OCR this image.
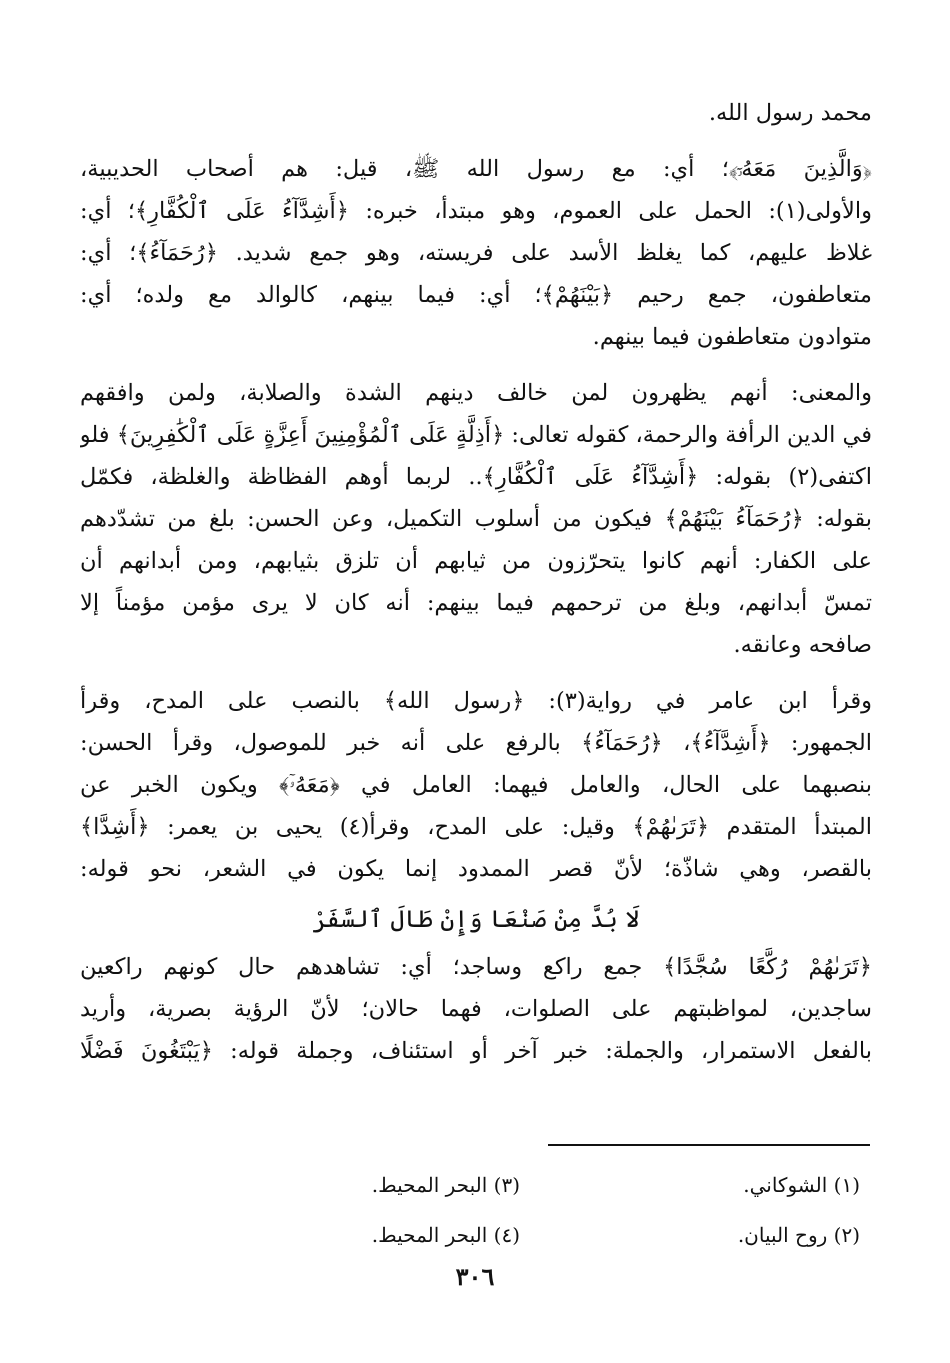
محمد رسول الله.
﴿وَالَّذِينَ مَعَهُۥٓ﴾؛ أي: مع رسول الله ﷺ، قيل: هم أصحاب الحديبية،
والأولى(١): الحمل على العموم، وهو مبتدأ، خبره: ﴿أَشِدَّآءُ عَلَى ٱلْكُفَّارِ﴾؛ أي:
غلاظ عليهم، كما يغلظ الأسد على فريسته، وهو جمع شديد. ﴿رُحَمَآءُ﴾؛ أي:
متعاطفون، جمع رحيم ﴿بَيْنَهُمْ﴾؛ أي: فيما بينهم، كالوالد مع ولده؛ أي:
متوادون متعاطفون فيما بينهم.
والمعنى: أنهم يظهرون لمن خالف دينهم الشدة والصلابة، ولمن وافقهم
في الدين الرأفة والرحمة، كقوله تعالى: ﴿أَذِلَّةٍ عَلَى ٱلْمُؤْمِنِينَ أَعِزَّةٍ عَلَى ٱلْكَٰفِرِينَ﴾ فلو
اكتفى(٢) بقوله: ﴿أَشِدَّآءُ عَلَى ٱلْكُفَّارِ﴾.. لربما أوهم الفظاظة والغلظة، فكمّل
بقوله: ﴿رُحَمَآءُ بَيْنَهُمْ﴾ فيكون من أسلوب التكميل، وعن الحسن: بلغ من تشدّدهم
على الكفار: أنهم كانوا يتحرّزون من ثيابهم أن تلزق بثيابهم، ومن أبدانهم أن
تمسّ أبدانهم، وبلغ من ترحمهم فيما بينهم: أنه كان لا يرى مؤمن مؤمناً إلا
صافحه وعانقه.
وقرأ ابن عامر في رواية(٣): ﴿رسول الله﴾ بالنصب على المدح، وقرأ
الجمهور: ﴿أَشِدَّآءُ﴾، ﴿رُحَمَآءُ﴾ بالرفع على أنه خبر للموصول، وقرأ الحسن:
بنصبهما على الحال، والعامل فيهما: العامل في ﴿مَعَهُۥٓ﴾ ويكون الخبر عن
المبتدأ المتقدم ﴿تَرَىٰهُمْ﴾ وقيل: على المدح، وقرأ(٤) يحيى بن يعمر: ﴿أَشِدَّا﴾
بالقصر، وهي شاذّة؛ لأنّ قصر الممدود إنما يكون في الشعر، نحو قوله:
لَا بُدَّ مِنْ صَنْعَا وَإِنْ طَالَ ٱلسَّفَرْ
﴿تَرَىٰهُمْ رُكَّعًا سُجَّدًا﴾ جمع راكع وساجد؛ أي: تشاهدهم حال كونهم راكعين
ساجدين، لمواظبتهم على الصلوات، فهما حالان؛ لأنّ الرؤية بصرية، وأريد
بالفعل الاستمرار، والجملة: خبر آخر أو استئناف، وجملة قوله: ﴿يَبْتَغُونَ فَضْلًا
(١) الشوكاني.
(٣) البحر المحيط.
(٢) روح البيان.
(٤) البحر المحيط.
٣٠٦
